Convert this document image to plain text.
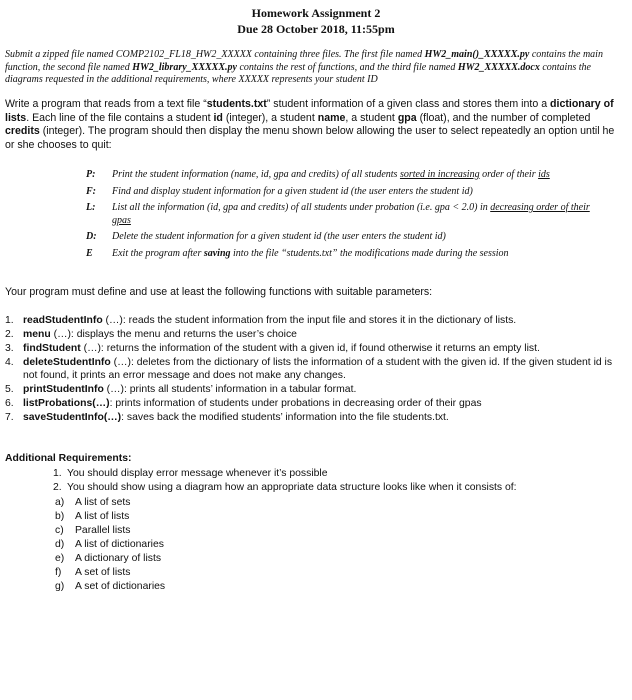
Homework Assignment 2
Due 28 October 2018, 11:55pm
Submit a zipped file named COMP2102_FL18_HW2_XXXXX containing three files. The first file named HW2_main()_XXXXX.py contains the main function, the second file named HW2_library_XXXXX.py contains the rest of functions, and the third file named HW2_XXXXX.docx contains the diagrams requested in the additional requirements, where XXXXX represents your student ID
Write a program that reads from a text file “students.txt” student information of a given class and stores them into a dictionary of lists. Each line of the file contains a student id (integer), a student name, a student gpa (float), and the number of completed credits (integer). The program should then display the menu shown below allowing the user to select repeatedly an option until he or she chooses to quit:
P:	Print the student information (name, id, gpa and credits) of all students sorted in increasing order of their ids
F:	Find and display student information for a given student id (the user enters the student id)
L:	List all the information (id, gpa and credits) of all students under probation (i.e. gpa < 2.0) in decreasing order of their gpas
D:	Delete the student information for a given student id (the user enters the student id)
E	Exit the program after saving into the file “students.txt” the modifications made during the session
Your program must define and use at least the following functions with suitable parameters:
1. readStudentInfo (…): reads the student information from the input file and stores it in the dictionary of lists.
2. menu (…): displays the menu and returns the user’s choice
3. findStudent (…): returns the information of the student with a given id, if found otherwise it returns an empty list.
4. deleteStudentInfo (…): deletes from the dictionary of lists the information of a student with the given id. If the given student id is not found, it prints an error message and does not make any changes.
5. printStudentInfo (…): prints all students’ information in a tabular format.
6. listProbations(…): prints information of students under probations in decreasing order of their gpas
7. saveStudentInfo(…): saves back the modified students’ information into the file students.txt.
Additional Requirements:
1. You should display error message whenever it’s possible
2. You should show using a diagram how an appropriate data structure looks like when it consists of:
a)	A list of sets
b)	A list of lists
c)	Parallel lists
d)	A list of dictionaries
e)	A dictionary of lists
f)	A set of lists
g)	A set of dictionaries
